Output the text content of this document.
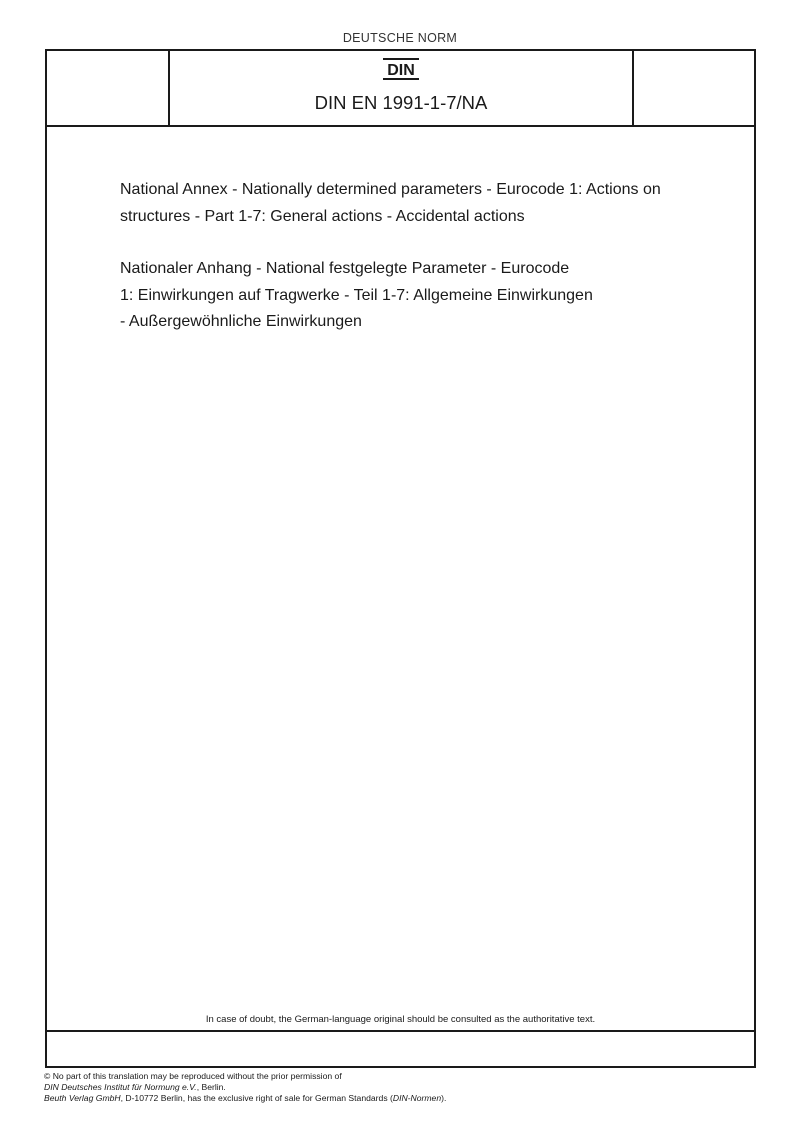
DEUTSCHE NORM
DIN
DIN EN 1991-1-7/NA
National Annex - Nationally determined parameters - Eurocode 1: Actions on structures - Part 1-7: General actions - Accidental actions
Nationaler Anhang - National festgelegte Parameter - Eurocode
1: Einwirkungen auf Tragwerke - Teil 1-7: Allgemeine Einwirkungen
- Außergewöhnliche Einwirkungen
In case of doubt, the German-language original should be consulted as the authoritative text.
© No part of this translation may be reproduced without the prior permission of
DIN Deutsches Institut für Normung e.V., Berlin.
Beuth Verlag GmbH, D-10772 Berlin, has the exclusive right of sale for German Standards (DIN-Normen).
